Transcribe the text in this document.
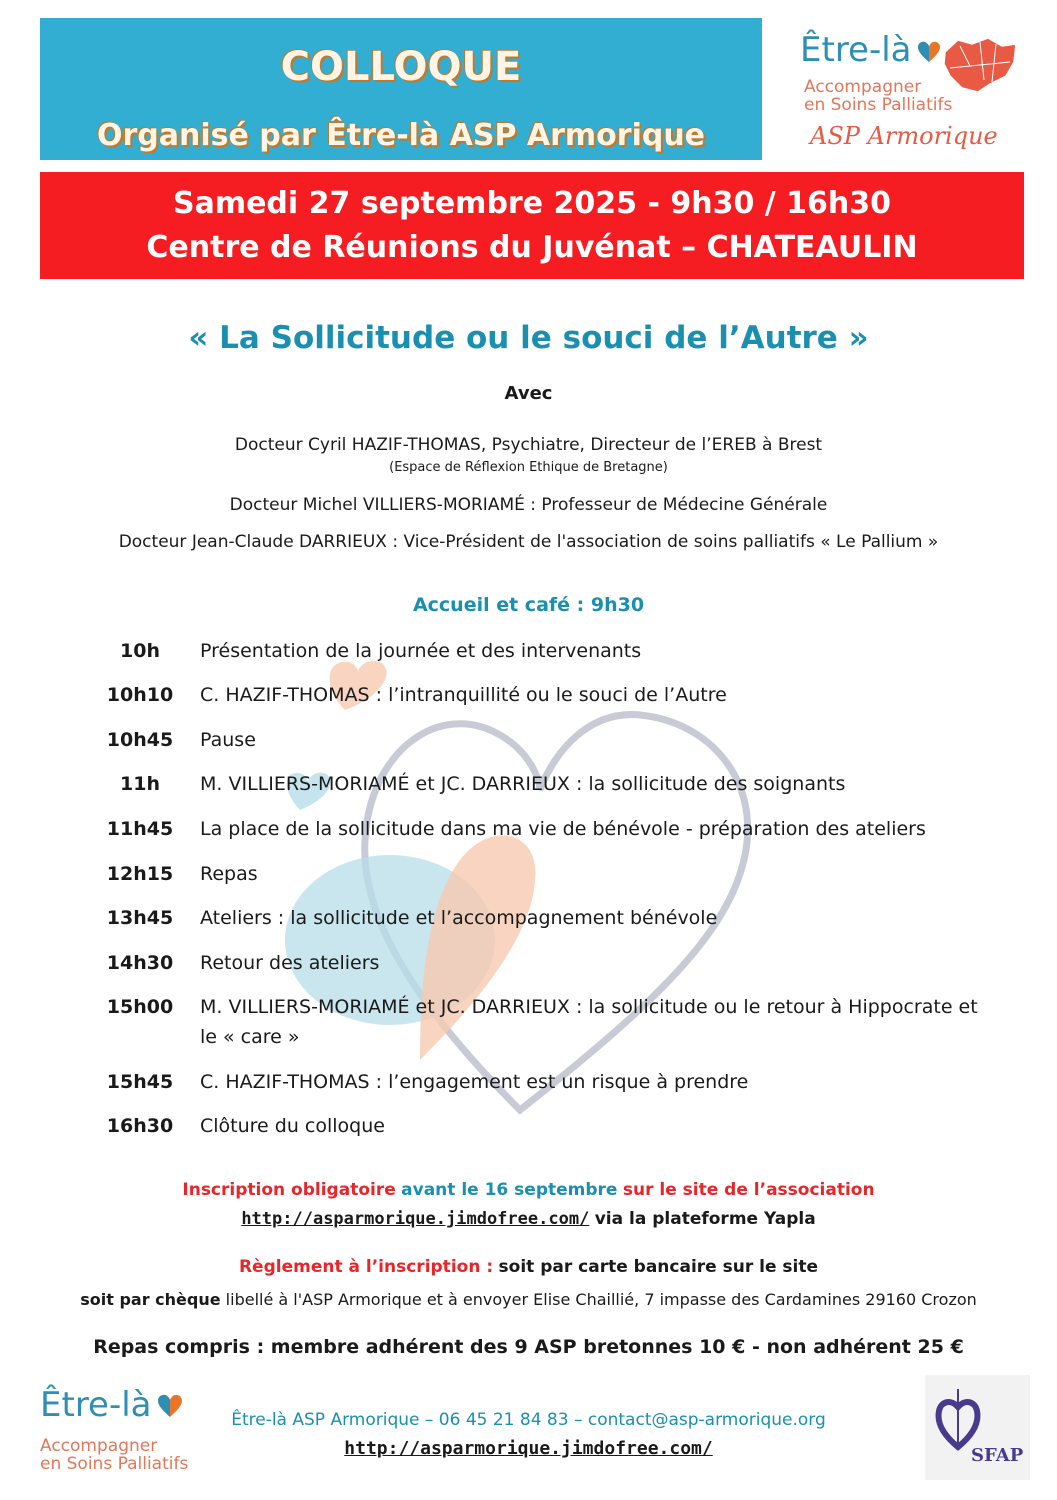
COLLOQUE
Organisé par Être-là ASP Armorique
Être-là
Accompagner
en Soins Palliatifs
ASP Armorique
Samedi 27 septembre 2025 - 9h30 / 16h30
Centre de Réunions du Juvénat – CHATEAULIN
« La Sollicitude ou le souci de l’Autre »
Avec
Docteur Cyril HAZIF-THOMAS, Psychiatre, Directeur de l’EREB à Brest
(Espace de Réflexion Ethique de Bretagne)
Docteur Michel VILLIERS-MORIAMÉ : Professeur de Médecine Générale
Docteur Jean-Claude DARRIEUX : Vice-Président de l'association de soins palliatifs « Le Pallium »
Accueil et café : 9h30
10h	Présentation de la journée et des intervenants
10h10	C. HAZIF-THOMAS : l’intranquillité ou le souci de l’Autre
10h45	Pause
11h	M. VILLIERS-MORIAMÉ et JC. DARRIEUX : la sollicitude des soignants
11h45	La place de la sollicitude dans ma vie de bénévole - préparation des ateliers
12h15	Repas
13h45	Ateliers : la sollicitude et l’accompagnement bénévole
14h30	Retour des ateliers
15h00	M. VILLIERS-MORIAMÉ et JC. DARRIEUX : la sollicitude ou le retour à Hippocrate et le « care »
15h45	C. HAZIF-THOMAS : l’engagement est un risque à prendre
16h30	Clôture du colloque
Inscription obligatoire avant le 16 septembre sur le site de l’association
http://asparmorique.jimdofree.com/ via la plateforme Yapla
Règlement à l’inscription : soit par carte bancaire sur le site
soit par chèque libellé à l'ASP Armorique et à envoyer Elise Chaillié, 7 impasse des Cardamines 29160 Crozon
Repas compris : membre adhérent des 9 ASP bretonnes 10 € - non adhérent 25 €
Être-là
Accompagner
en Soins Palliatifs
Être-là ASP Armorique – 06 45 21 84 83 – contact@asp-armorique.org
http://asparmorique.jimdofree.com/	SFAP
